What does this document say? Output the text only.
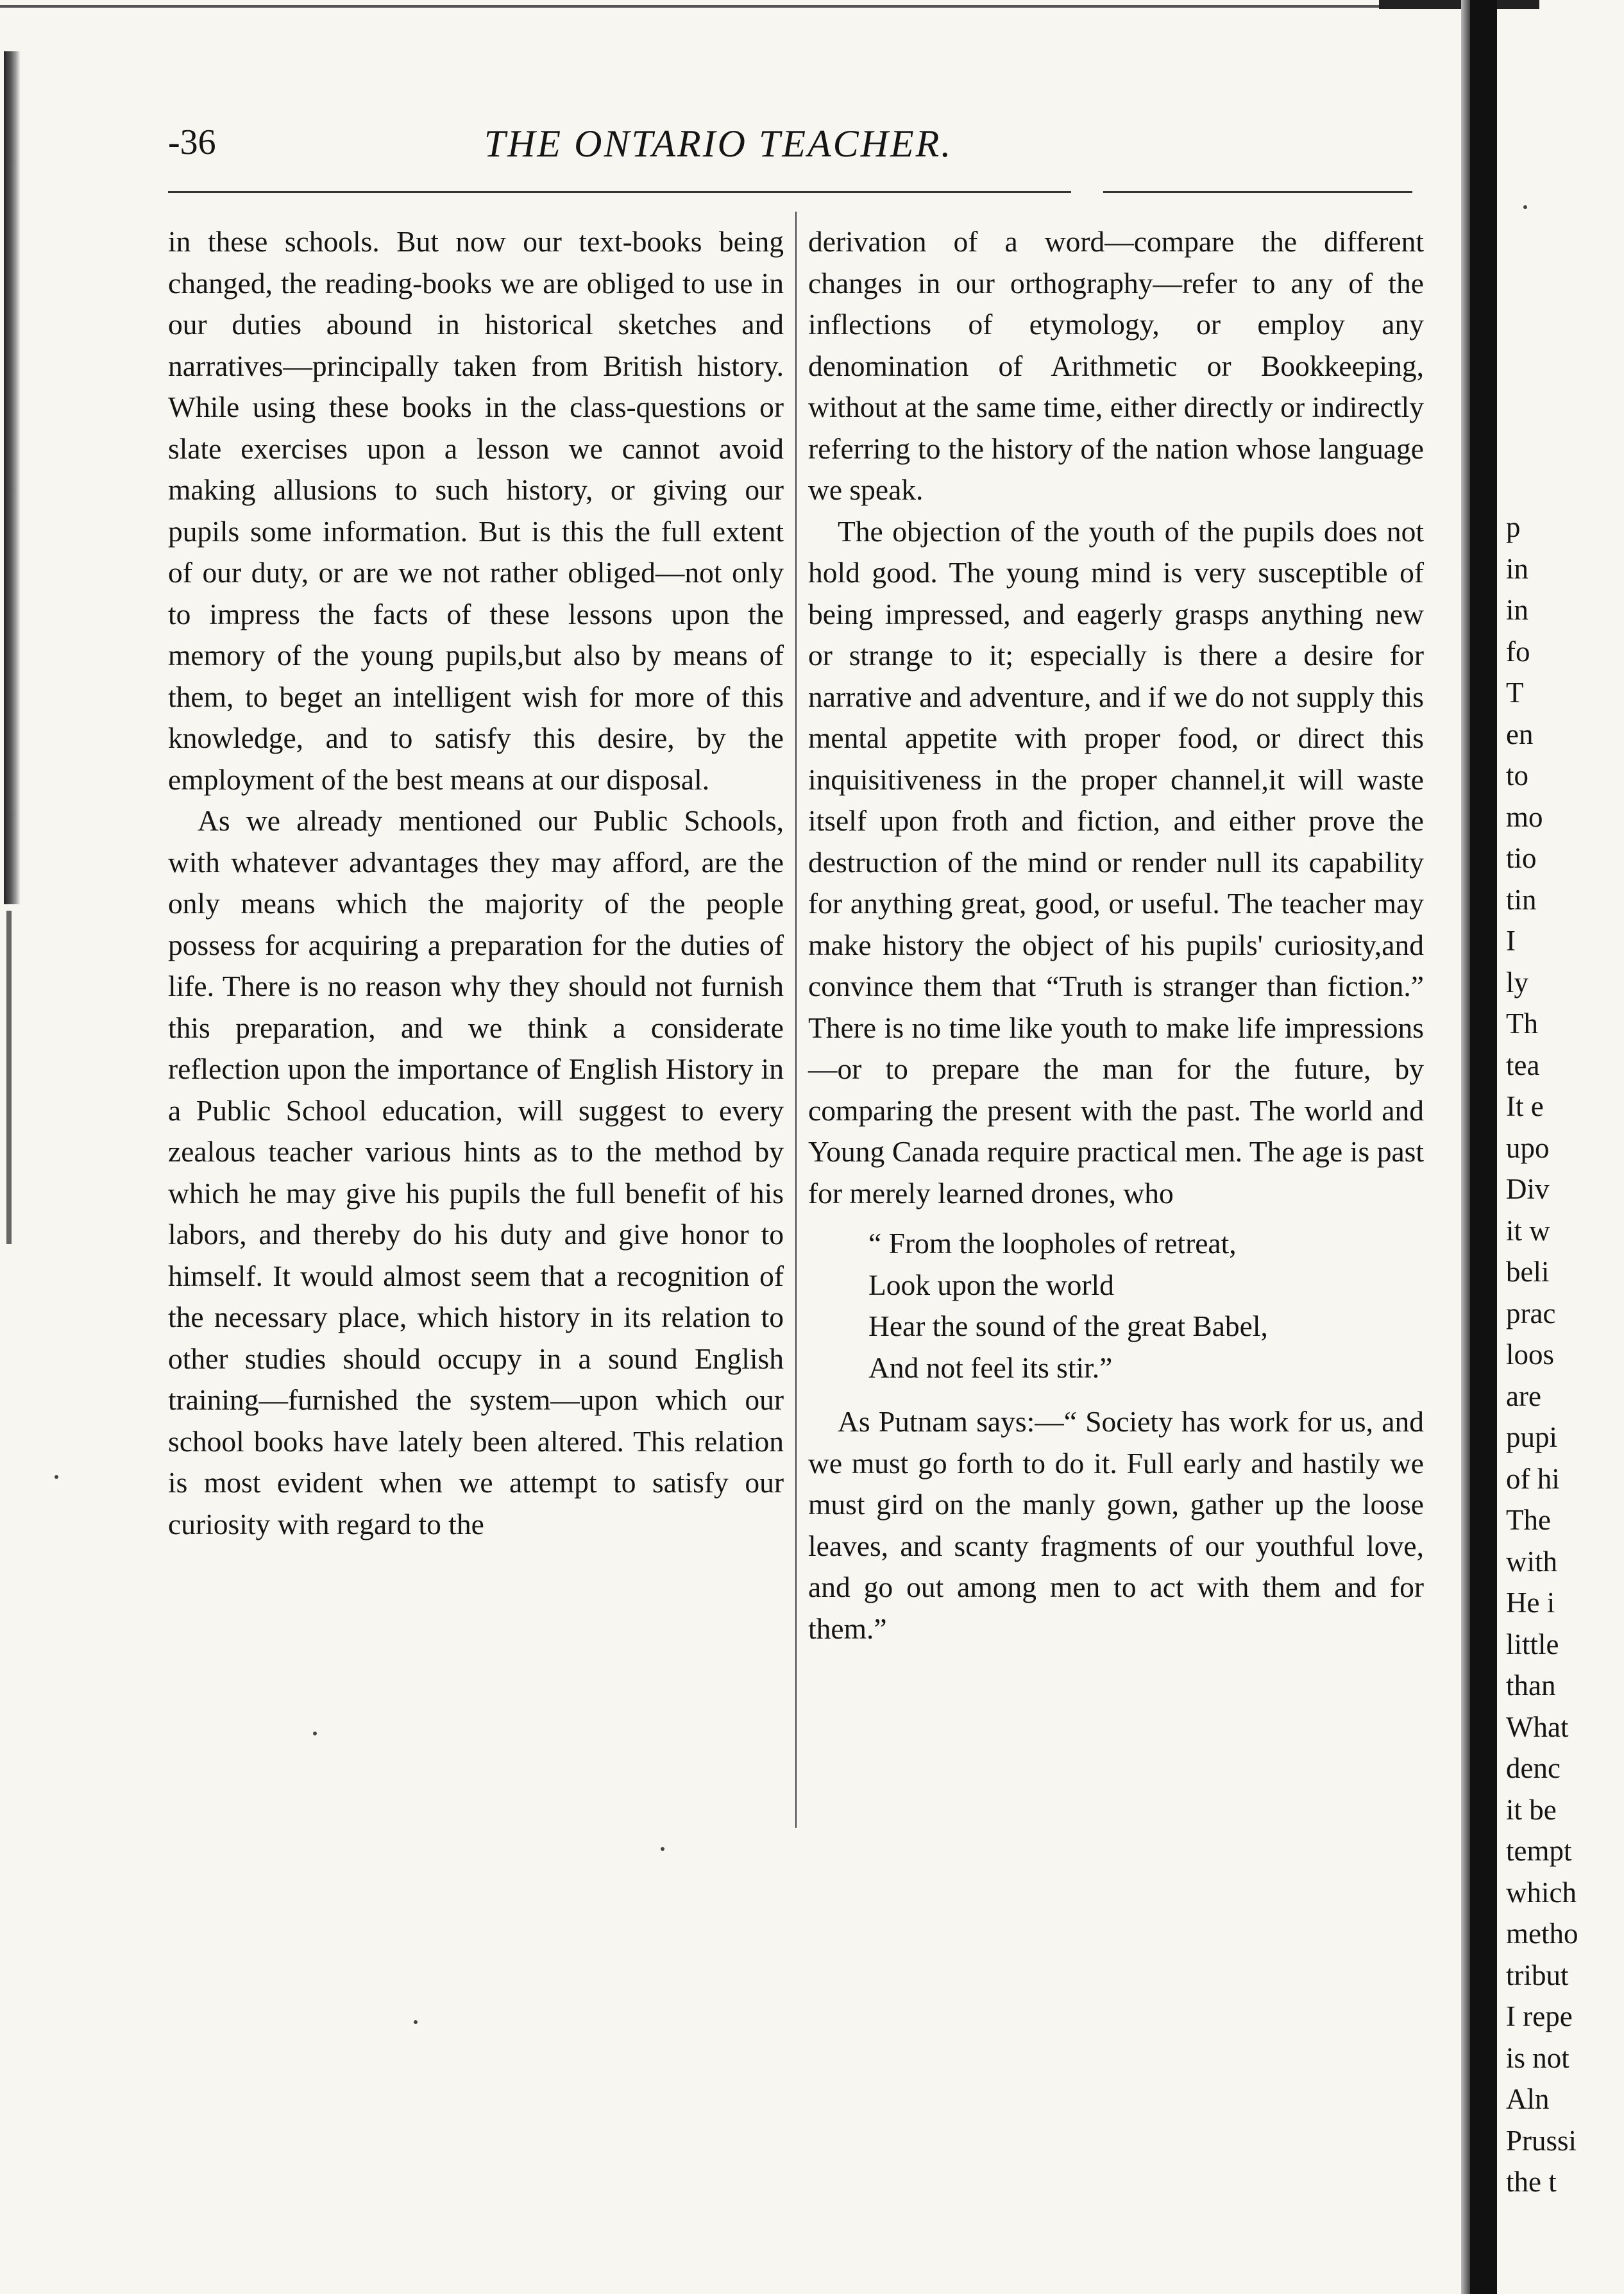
-36	THE ONTARIO TEACHER.

in these schools. But now our text-books being changed, the reading-books we are obliged to use in our duties abound in historical sketches and narratives—principally taken from British history. While using these books in the class-questions or slate exercises upon a lesson we cannot avoid making allusions to such history, or giving our pupils some information. But is this the full extent of our duty, or are we not rather obliged—not only to impress the facts of these lessons upon the memory of the young pupils,but also by means of them, to beget an intelligent wish for more of this knowledge, and to satisfy this desire, by the employment of the best means at our disposal.

As we already mentioned our Public Schools, with whatever advantages they may afford, are the only means which the majority of the people possess for acquiring a preparation for the duties of life. There is no reason why they should not furnish this preparation, and we think a considerate reflection upon the importance of English History in a Public School education, will suggest to every zealous teacher various hints as to the method by which he may give his pupils the full benefit of his labors, and thereby do his duty and give honor to himself. It would almost seem that a recognition of the necessary place, which history in its relation to other studies should occupy in a sound English training—furnished the system—upon which our school books have lately been altered. This relation is most evident when we attempt to satisfy our curiosity with regard to the

derivation of a word—compare the different changes in our orthography—refer to any of the inflections of etymology, or employ any denomination of Arithmetic or Bookkeeping, without at the same time, either directly or indirectly referring to the history of the nation whose language we speak.

The objection of the youth of the pupils does not hold good. The young mind is very susceptible of being impressed, and eagerly grasps anything new or strange to it; especially is there a desire for narrative and adventure, and if we do not supply this mental appetite with proper food, or direct this inquisitiveness in the proper channel,it will waste itself upon froth and fiction, and either prove the destruction of the mind or render null its capability for anything great, good, or useful. The teacher may make history the object of his pupils' curiosity,and convince them that “Truth is stranger than fiction.” There is no time like youth to make life impressions—or to prepare the man for the future, by comparing the present with the past. The world and Young Canada require practical men. The age is past for merely learned drones, who

“ From the loopholes of retreat,
Look upon the world
Hear the sound of the great Babel,
And not feel its stir.”

As Putnam says:—“ Society has work for us, and we must go forth to do it. Full early and hastily we must gird on the manly gown, gather up the loose leaves, and scanty fragments of our youthful love, and go out among men to act with them and for them.”

p
in
in
fo
T
en
to
mo
tio
tin
I
ly
Th
tea
It e
upo
Div
it w
beli
prac
loos
are
pupi
of hi
The
with
He i
little
than
What
denc
it be
tempt
which
metho
tribut
I repe
is not
Aln
Prussi
the t
